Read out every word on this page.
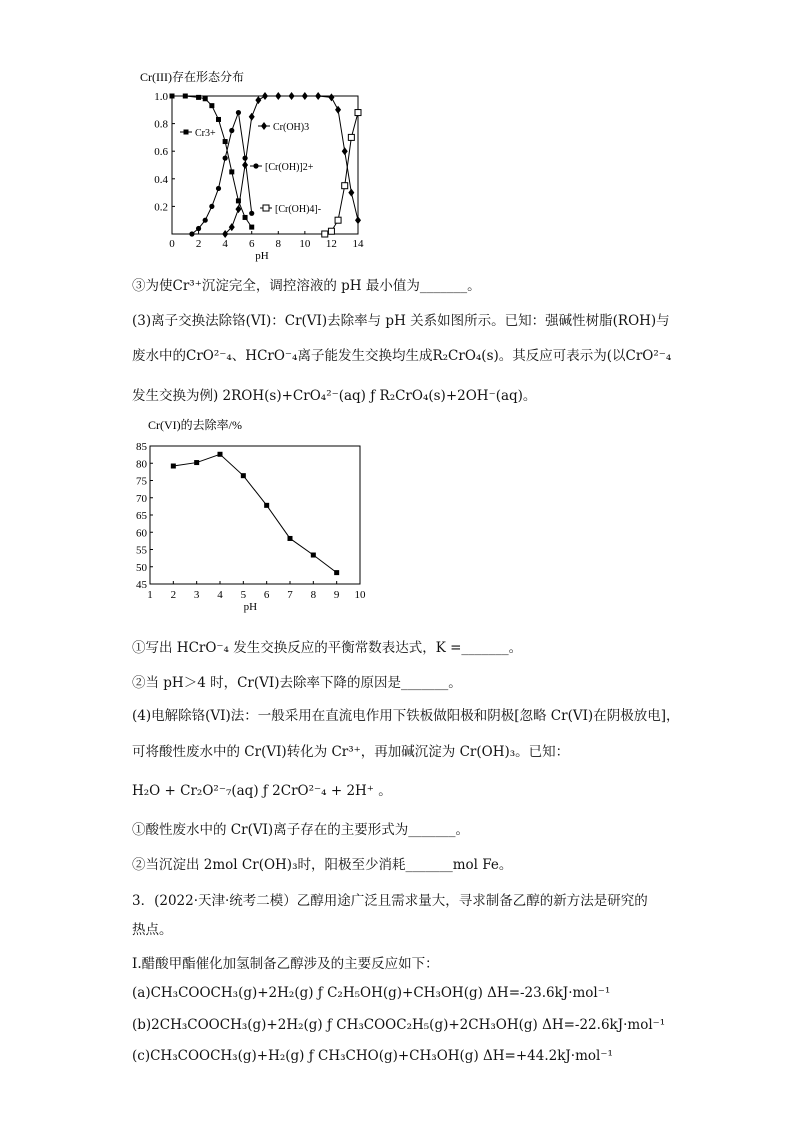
Cr(III)存在形态分布
0 2 4 6 8 10 12 14
0.2
0.4
0.6
0.8
1.0
pH
Cr3+
Cr(OH)3
[Cr(OH)]2+
[Cr(OH)4]-
③为使Cr³⁺沉淀完全，调控溶液的 pH 最小值为_______。
(3)离子交换法除铬(VI)：Cr(VI)去除率与 pH 关系如图所示。已知：强碱性树脂(ROH)与
废水中的CrO²⁻₄、HCrO⁻₄离子能发生交换均生成R₂CrO₄(s)。其反应可表示为(以CrO²⁻₄
发生交换为例) 2ROH(s)+CrO₄²⁻(aq) ƒ R₂CrO₄(s)+2OH⁻(aq)。
Cr(VI)的去除率/%
1 2 3 4 5 6 7 8 9 10
45
50
55
60
65
70
75
80
85
pH
①写出 HCrO⁻₄ 发生交换反应的平衡常数表达式，K =_______。
②当 pH＞4 时，Cr(VI)去除率下降的原因是_______。
(4)电解除铬(VI)法：一般采用在直流电作用下铁板做阳极和阴极[忽略 Cr(VI)在阴极放电]，
可将酸性废水中的 Cr(VI)转化为 Cr³⁺，再加碱沉淀为 Cr(OH)₃。已知：
H₂O + Cr₂O²⁻₇(aq) ƒ 2CrO²⁻₄ + 2H⁺ 。
①酸性废水中的 Cr(VI)离子存在的主要形式为_______。
②当沉淀出 2mol Cr(OH)₃时，阳极至少消耗_______mol Fe。
3．(2022·天津·统考二模）乙醇用途广泛且需求量大，寻求制备乙醇的新方法是研究的
热点。
I.醋酸甲酯催化加氢制备乙醇涉及的主要反应如下：
(a)CH₃COOCH₃(g)+2H₂(g) ƒ C₂H₅OH(g)+CH₃OH(g) ΔH=-23.6kJ·mol⁻¹
(b)2CH₃COOCH₃(g)+2H₂(g) ƒ CH₃COOC₂H₅(g)+2CH₃OH(g) ΔH=-22.6kJ·mol⁻¹
(c)CH₃COOCH₃(g)+H₂(g) ƒ CH₃CHO(g)+CH₃OH(g) ΔH=+44.2kJ·mol⁻¹
